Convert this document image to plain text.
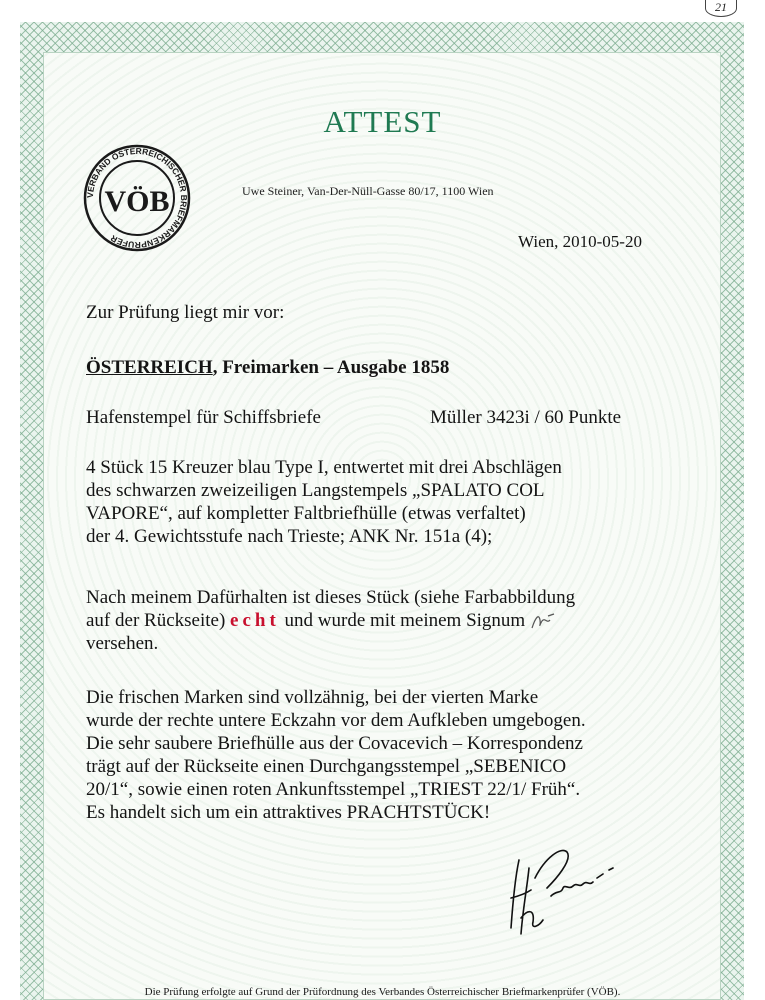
21
ATTEST
VERBAND ÖSTERREICHISCHER BRIEFMARKENPRÜFER
VÖB	Uwe Steiner, Van-Der-Nüll-Gasse 80/17, 1100 Wien
Wien, 2010-05-20
Zur Prüfung liegt mir vor:
ÖSTERREICH, Freimarken – Ausgabe 1858
Hafenstempel für Schiffsbriefe	Müller 3423i / 60 Punkte
4 Stück 15 Kreuzer blau Type I, entwertet mit drei Abschlägen
des schwarzen zweizeiligen Langstempels „SPALATO COL
VAPORE“, auf kompletter Faltbriefhülle (etwas verfaltet)
der 4. Gewichtsstufe nach Trieste; ANK Nr. 151a (4);
Nach meinem Dafürhalten ist dieses Stück (siehe Farbabbildung
auf der Rückseite) echt und wurde mit meinem Signum
versehen.
Die frischen Marken sind vollzähnig, bei der vierten Marke
wurde der rechte untere Eckzahn vor dem Aufkleben umgebogen.
Die sehr saubere Briefhülle aus der Covacevich – Korrespondenz
trägt auf der Rückseite einen Durchgangsstempel „SEBENICO
20/1“, sowie einen roten Ankunftsstempel „TRIEST 22/1/ Früh“.
Es handelt sich um ein attraktives PRACHTSTÜCK!
Die Prüfung erfolgte auf Grund der Prüfordnung des Verbandes Österreichischer Briefmarkenprüfer (VÖB).
